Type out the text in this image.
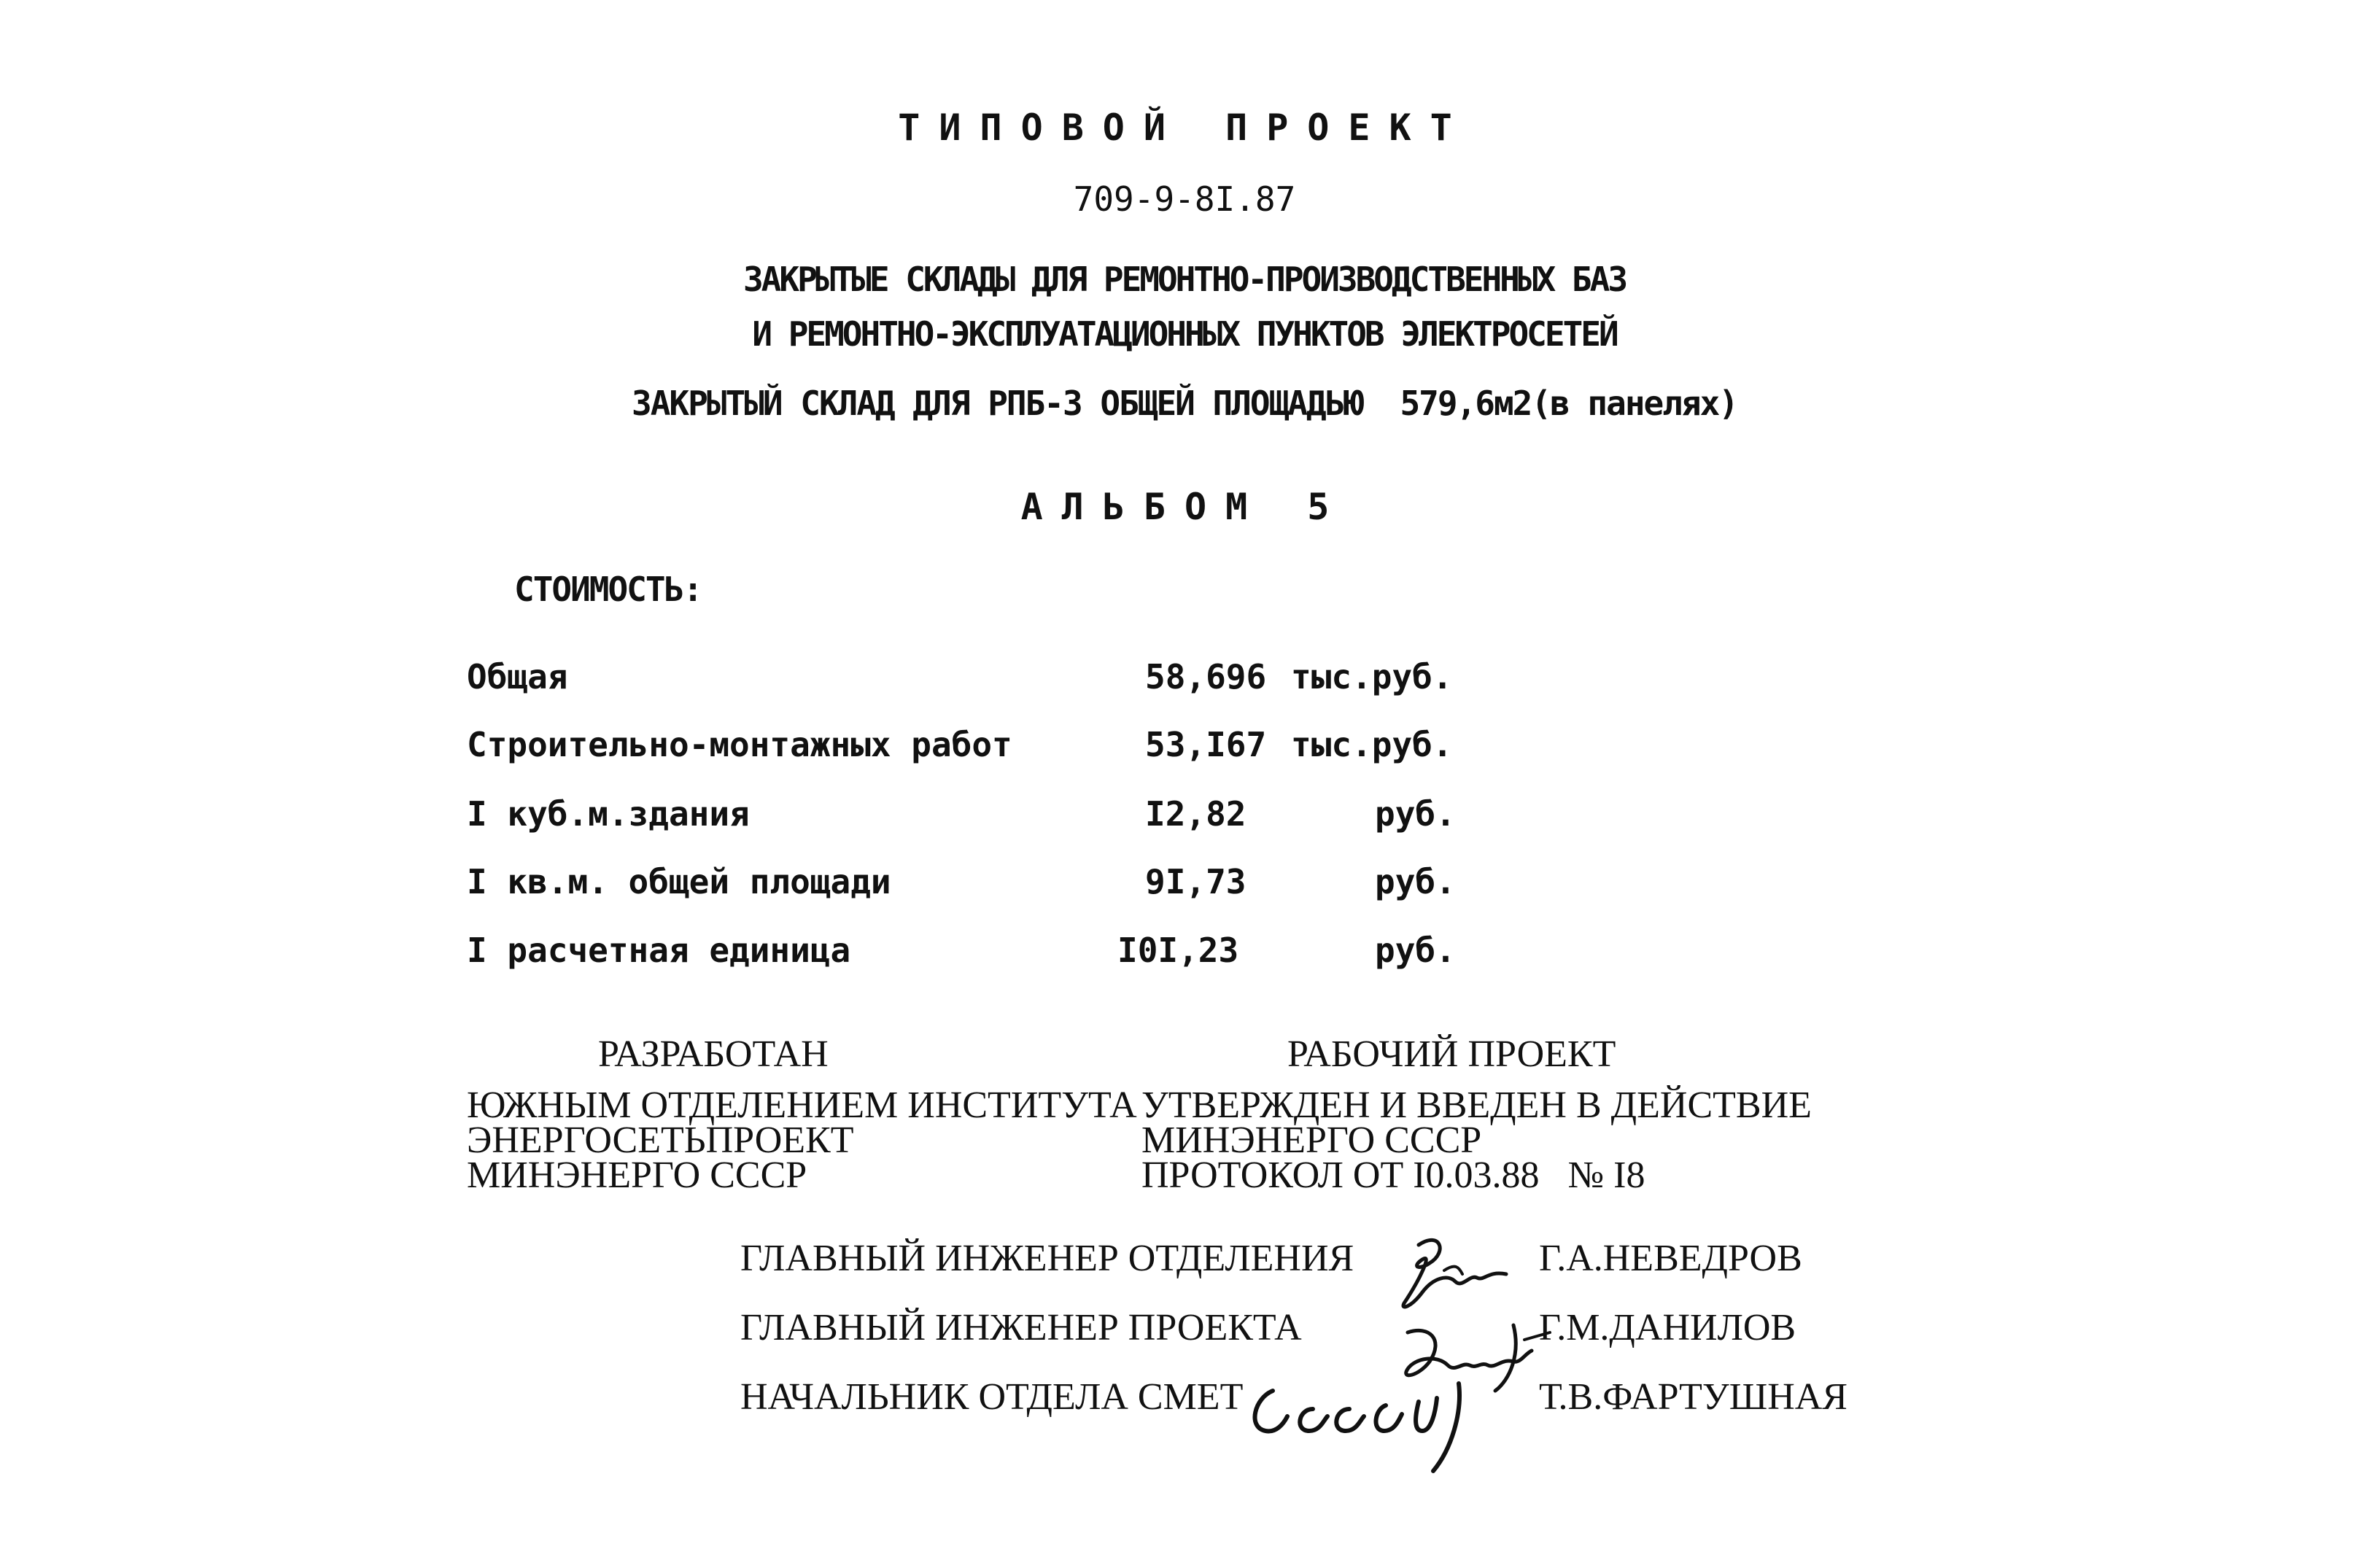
ТИПОВОЙ ПРОЕКТ
709-9-8I.87
ЗАКРЫТЫЕ СКЛАДЫ ДЛЯ РЕМОНТНО-ПРОИЗВОДСТВЕННЫХ БАЗ
И РЕМОНТНО-ЭКСПЛУАТАЦИОННЫХ ПУНКТОВ ЭЛЕКТРОСЕТЕЙ
ЗАКРЫТЫЙ СКЛАД ДЛЯ РПБ-3 ОБЩЕЙ ПЛОЩАДЬЮ  579,6м2(в панелях)
АЛЬБОМ 5
СТОИМОСТЬ:
Общая	58,696 тыс.руб.
Строительно-монтажных работ	53,I67 тыс.руб.
I куб.м.здания	I2,82	руб.
I кв.м. общей площади	9I,73	руб.
I расчетная единица	I0I,23	руб.
РАЗРАБОТАН
ЮЖНЫМ ОТДЕЛЕНИЕМ ИНСТИТУТА
ЭНЕРГОСЕТЬПРОЕКТ
МИНЭНЕРГО СССР
РАБОЧИЙ ПРОЕКТ
УТВЕРЖДЕН И ВВЕДЕН В ДЕЙСТВИЕ
МИНЭНЕРГО СССР
ПРОТОКОЛ ОТ I0.03.88   № I8
ГЛАВНЫЙ ИНЖЕНЕР ОТДЕЛЕНИЯ	Г.А.НЕВЕДРОВ
ГЛАВНЫЙ ИНЖЕНЕР ПРОЕКТА	Г.М.ДАНИЛОВ
НАЧАЛЬНИК ОТДЕЛА СМЕТ	Т.В.ФАРТУШНАЯ
